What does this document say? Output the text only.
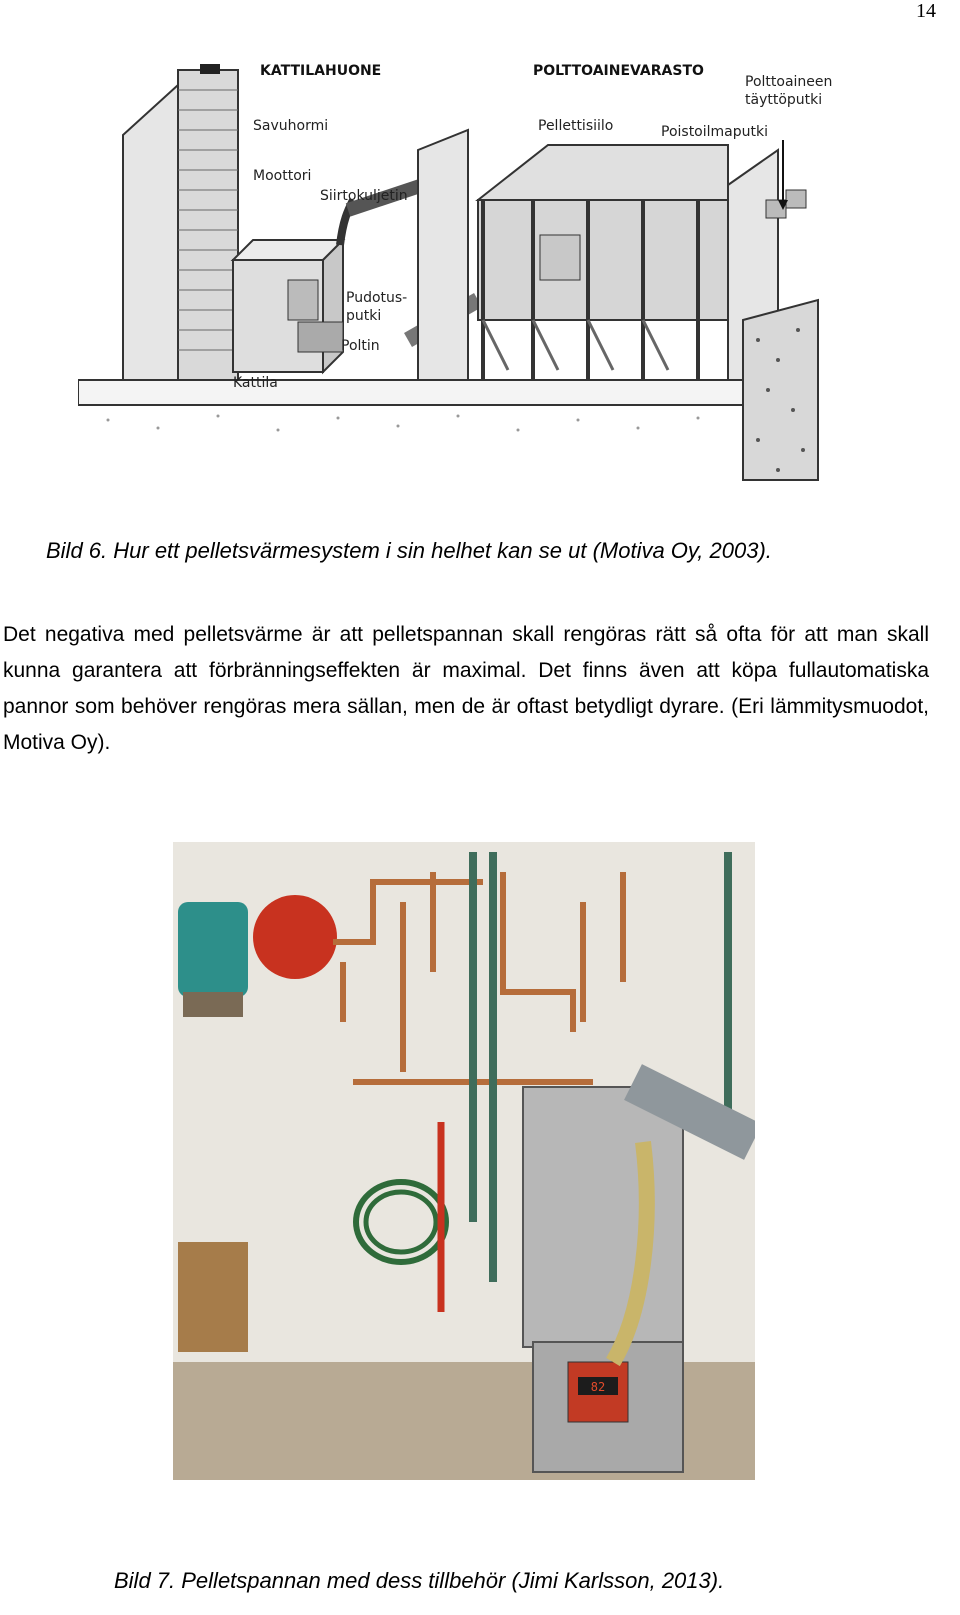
14
KATTILAHUONE	POLTTOAINEVARASTO
Savuhormi
Moottori
Siirtokuljetin
Pudotus-
putki
Poltin
Kattila
Pellettisiilo	Poistoilmaputki
Polttoaineen
täyttöputki
Bild 6. Hur ett pelletsvärmesystem i sin helhet kan se ut (Motiva Oy, 2003).

Det negativa med pelletsvärme är att pelletspannan skall rengöras rätt så ofta för att man skall kunna garantera att förbränningseffekten är maximal. Det finns även att köpa fullautomatiska pannor som behöver rengöras mera sällan, men de är oftast betydligt dyrare. (Eri lämmitysmuodot, Motiva Oy).

82
Bild 7. Pelletspannan med dess tillbehör (Jimi Karlsson, 2013).
